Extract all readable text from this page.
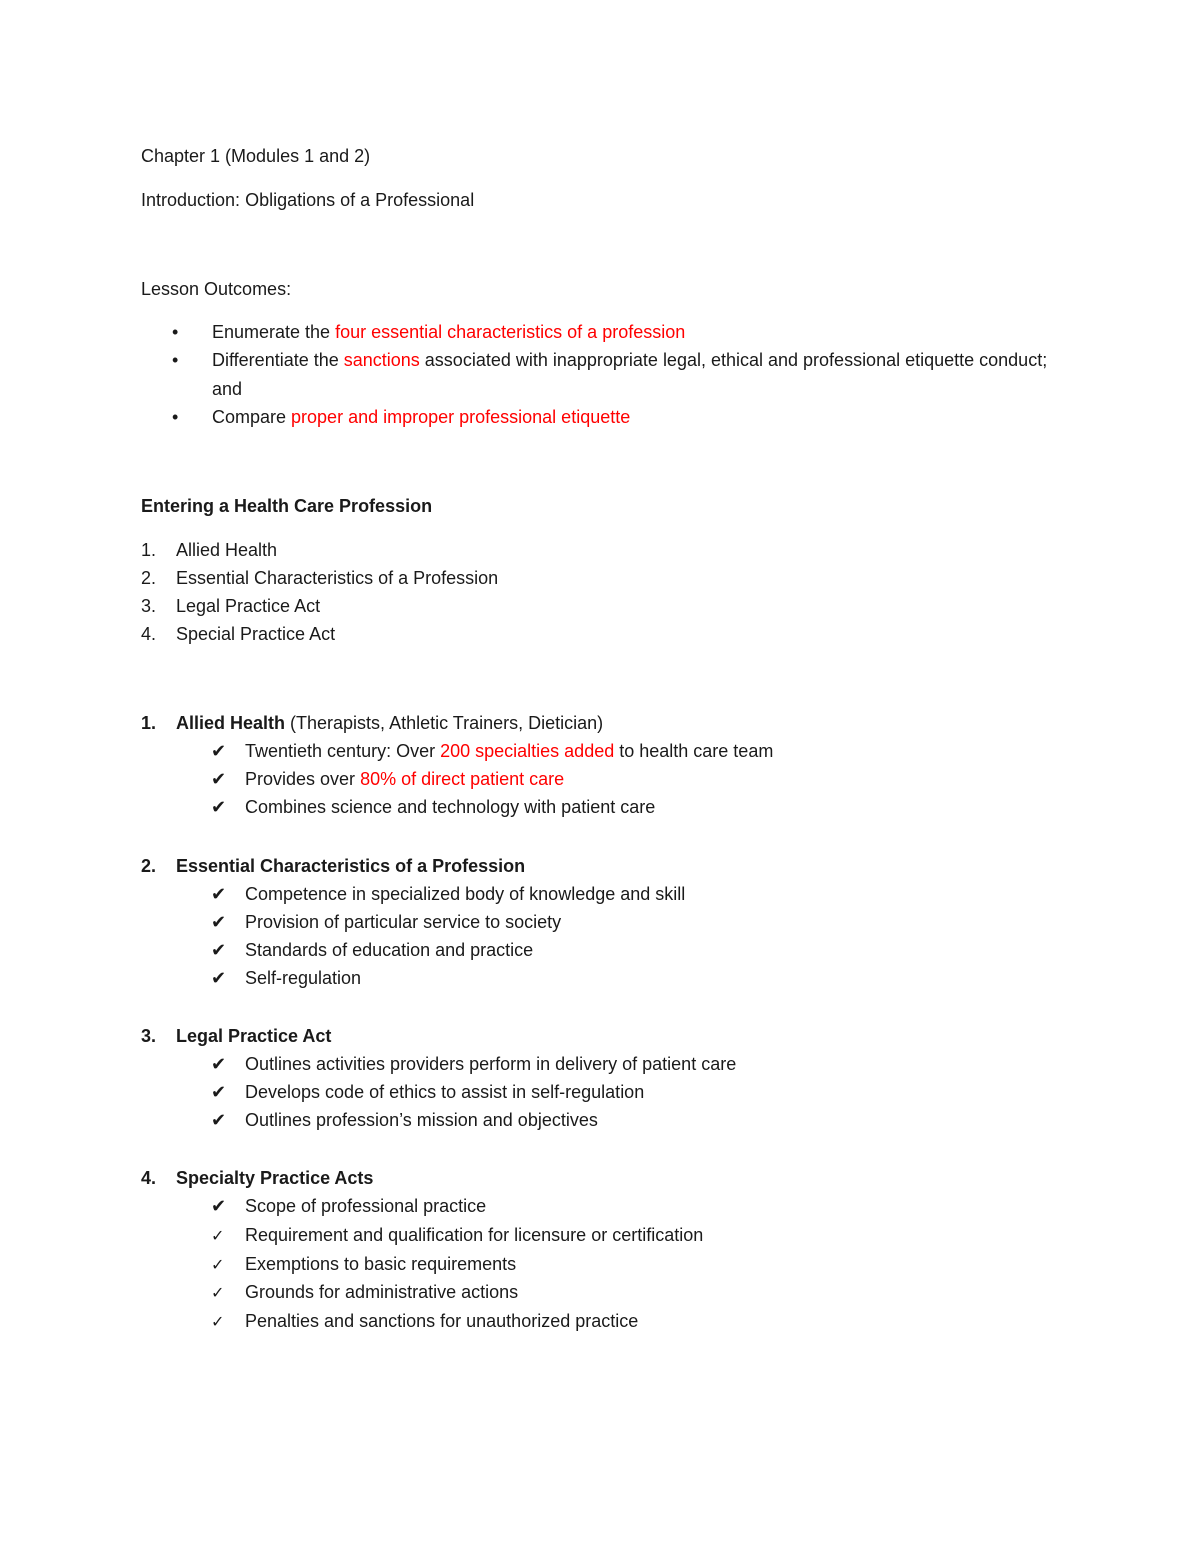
Chapter 1 (Modules 1 and 2)
Introduction: Obligations of a Professional
Lesson Outcomes:
•	Enumerate the four essential characteristics of a profession
•	Differentiate the sanctions associated with inappropriate legal, ethical and professional etiquette conduct; and
•	Compare proper and improper professional etiquette
Entering a Health Care Profession
1. Allied Health
2. Essential Characteristics of a Profession
3. Legal Practice Act
4. Special Practice Act
1. Allied Health (Therapists, Athletic Trainers, Dietician)
✔ Twentieth century: Over 200 specialties added to health care team
✔ Provides over 80% of direct patient care
✔ Combines science and technology with patient care
2. Essential Characteristics of a Profession
✔ Competence in specialized body of knowledge and skill
✔ Provision of particular service to society
✔ Standards of education and practice
✔ Self-regulation
3. Legal Practice Act
✔ Outlines activities providers perform in delivery of patient care
✔ Develops code of ethics to assist in self-regulation
✔ Outlines profession’s mission and objectives
4. Specialty Practice Acts
✔ Scope of professional practice
✓ Requirement and qualification for licensure or certification
✓ Exemptions to basic requirements
✓ Grounds for administrative actions
✓ Penalties and sanctions for unauthorized practice
